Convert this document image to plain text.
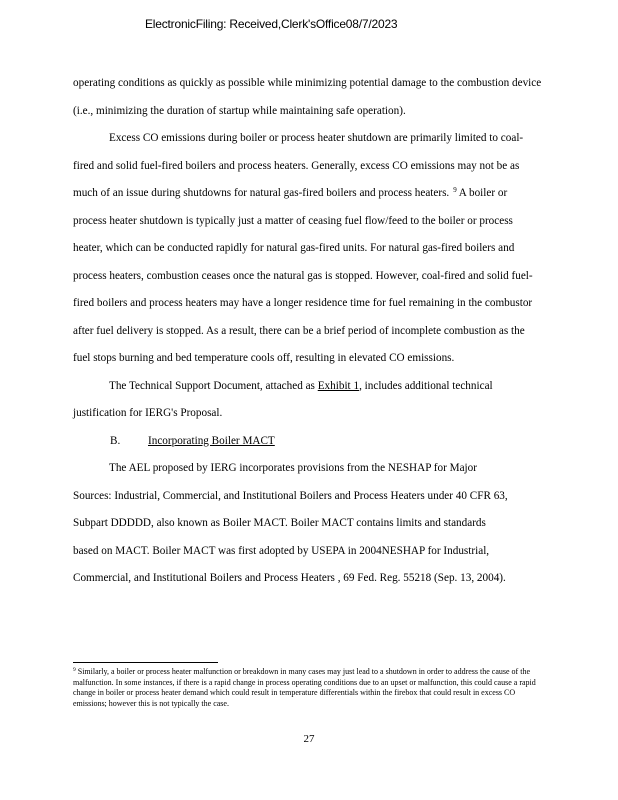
ElectronicFiling: Received,Clerk'sOffice08/7/2023

operating conditions as quickly as possible while minimizing potential damage to the combustion device (i.e., minimizing the duration of startup while maintaining safe operation).

Excess CO emissions during boiler or process heater shutdown are primarily limited to coal-fired and solid fuel-fired boilers and process heaters. Generally, excess CO emissions may not be as much of an issue during shutdowns for natural gas-fired boilers and process heaters. $^9$ A boiler or process heater shutdown is typically just a matter of ceasing fuel flow/feed to the boiler or process heater, which can be conducted rapidly for natural gas-fired units. For natural gas-fired boilers and process heaters, combustion ceases once the natural gas is stopped. However, coal-fired and solid fuel-fired boilers and process heaters may have a longer residence time for fuel remaining in the combustor after fuel delivery is stopped. As a result, there can be a brief period of incomplete combustion as the fuel stops burning and bed temperature cools off, resulting in elevated CO emissions.

The Technical Support Document, attached as Exhibit 1, includes additional technical justification for IERG's Proposal.

B. Incorporating Boiler MACT

The AEL proposed by IERG incorporates provisions from the NESHAP for Major

Sources: Industrial, Commercial, and Institutional Boilers and Process Heaters under 40 CFR 63,

Subpart DDDDD, also known as Boiler MACT. Boiler MACT contains limits and standards

based on MACT. Boiler MACT was first adopted by USEPA in 2004NESHAP for Industrial,

Commercial, and Institutional Boilers and Process Heaters , 69 Fed. Reg. 55218 (Sep. 13, 2004).

$^9$ Similarly, a boiler or process heater malfunction or breakdown in many cases may just lead to a shutdown in order to address the cause of the malfunction. In some instances, if there is a rapid change in process operating conditions due to an upset or malfunction, this could cause a rapid change in boiler or process heater demand which could result in temperature differentials within the firebox that could result in excess CO emissions; however this is not typically the case.
27
